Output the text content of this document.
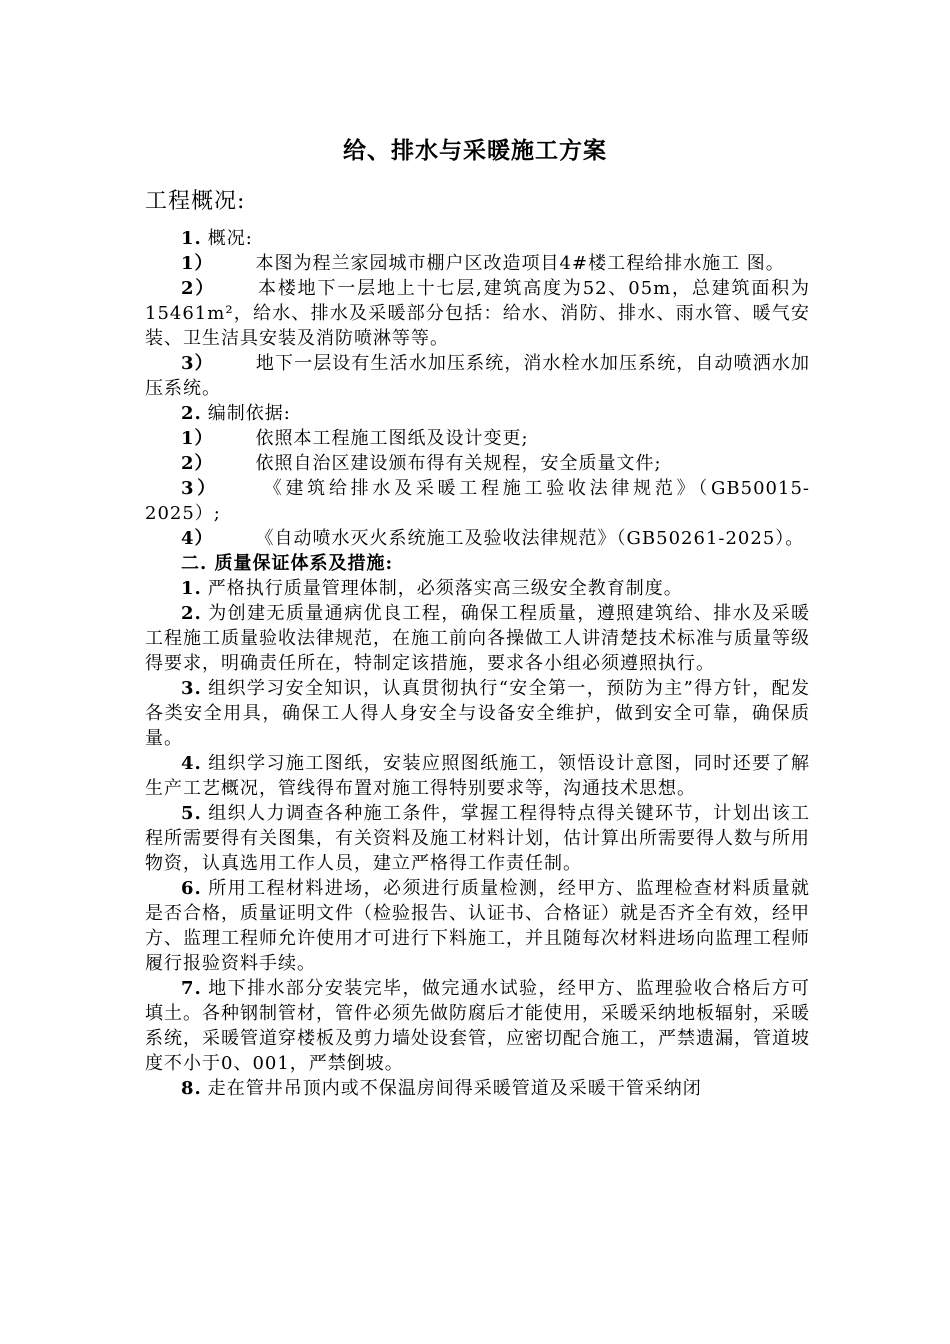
给、排水与采暖施工方案
工程概况:
1. 概况:
1） 本图为程兰家园城市棚户区改造项目4#楼工程给排水施工 图。
2） 本楼地下一层地上十七层,建筑高度为52、05m，总建筑面积为15461m²，给水、排水及采暖部分包括：给水、消防、排水、雨水管、暖气安装、卫生洁具安装及消防喷淋等等。
3） 地下一层设有生活水加压系统，消水栓水加压系统，自动喷洒水加压系统。
2. 编制依据:
1） 依照本工程施工图纸及设计变更;
2） 依照自治区建设颁布得有关规程，安全质量文件;
3） 《建筑给排水及采暖工程施工验收法律规范》（GB50015-2025）;
4） 《自动喷水灭火系统施工及验收法律规范》（GB50261-2025）。
二. 质量保证体系及措施:
1. 严格执行质量管理体制，必须落实高三级安全教育制度。
2. 为创建无质量通病优良工程，确保工程质量，遵照建筑给、排水及采暖工程施工质量验收法律规范，在施工前向各操做工人讲清楚技术标准与质量等级得要求，明确责任所在，特制定该措施，要求各小组必须遵照执行。
3. 组织学习安全知识，认真贯彻执行“安全第一，预防为主”得方针，配发各类安全用具，确保工人得人身安全与设备安全维护，做到安全可靠，确保质量。
4. 组织学习施工图纸，安装应照图纸施工，领悟设计意图，同时还要了解生产工艺概况，管线得布置对施工得特别要求等，沟通技术思想。
5. 组织人力调查各种施工条件，掌握工程得特点得关键环节，计划出该工程所需要得有关图集，有关资料及施工材料计划，估计算出所需要得人数与所用物资，认真选用工作人员，建立严格得工作责任制。
6. 所用工程材料进场，必须进行质量检测，经甲方、监理检查材料质量就是否合格，质量证明文件（检验报告、认证书、合格证）就是否齐全有效，经甲方、监理工程师允许使用才可进行下料施工，并且随每次材料进场向监理工程师履行报验资料手续。
7. 地下排水部分安装完毕，做完通水试验，经甲方、监理验收合格后方可填土。各种钢制管材，管件必须先做防腐后才能使用，采暖采纳地板辐射，采暖系统，采暖管道穿楼板及剪力墙处设套管，应密切配合施工，严禁遗漏，管道坡度不小于0、001，严禁倒坡。
8. 走在管井吊顶内或不保温房间得采暖管道及采暖干管采纳闭
